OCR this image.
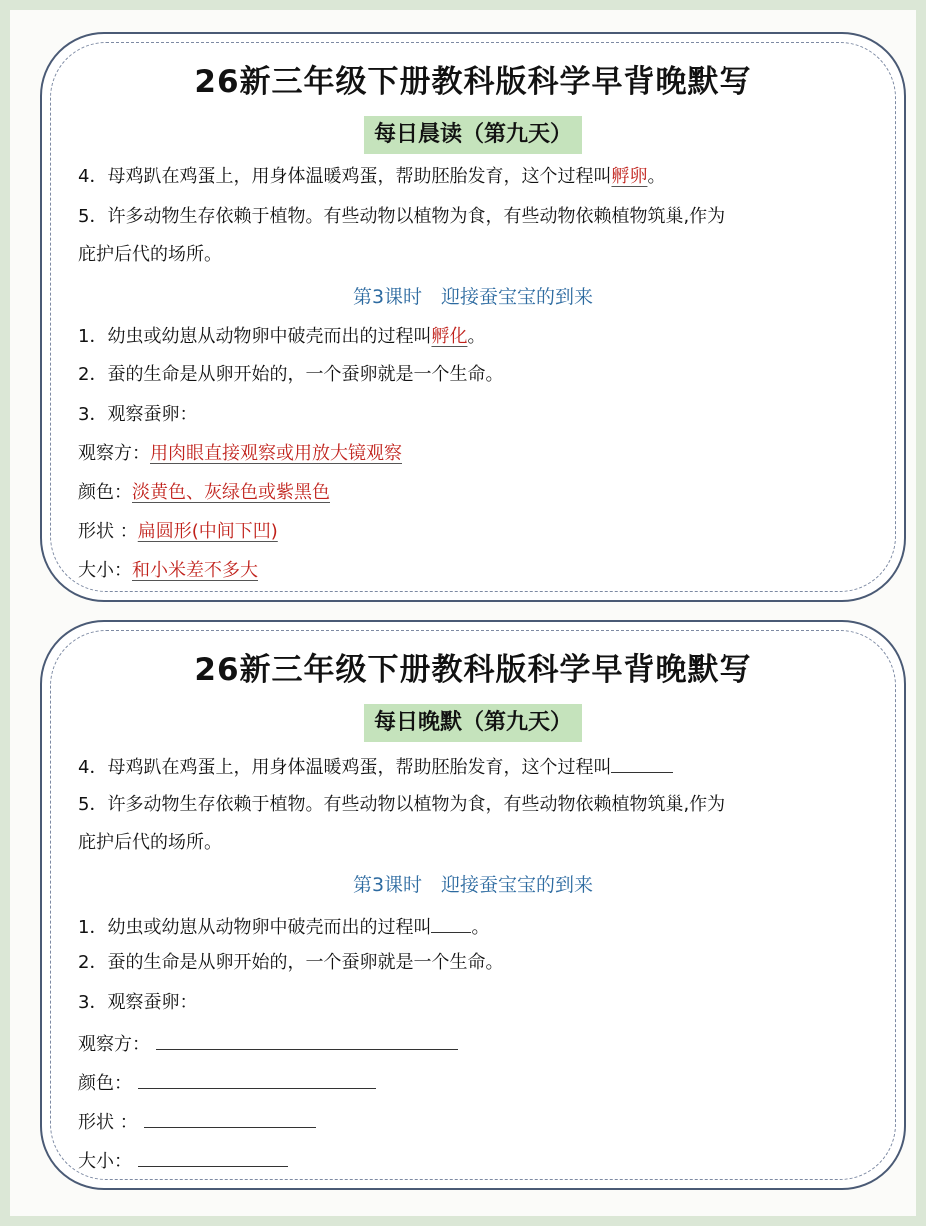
26新三年级下册教科版科学早背晚默写
每日晨读（第九天）
4．母鸡趴在鸡蛋上，用身体温暖鸡蛋，帮助胚胎发育，这个过程叫孵卵。
5．许多动物生存依赖于植物。有些动物以植物为食，有些动物依赖植物筑巢,作为
庇护后代的场所。
第3课时　迎接蚕宝宝的到来
1．幼虫或幼崽从动物卵中破壳而出的过程叫孵化。
2．蚕的生命是从卵开始的，一个蚕卵就是一个生命。
3．观察蚕卵：
观察方：用肉眼直接观察或用放大镜观察
颜色：淡黄色、灰绿色或紫黑色
形状 ：扁圆形(中间下凹)
大小：和小米差不多大
26新三年级下册教科版科学早背晚默写
每日晚默（第九天）
4．母鸡趴在鸡蛋上，用身体温暖鸡蛋，帮助胚胎发育，这个过程叫
5．许多动物生存依赖于植物。有些动物以植物为食，有些动物依赖植物筑巢,作为
庇护后代的场所。
第3课时　迎接蚕宝宝的到来
1．幼虫或幼崽从动物卵中破壳而出的过程叫 。
2．蚕的生命是从卵开始的，一个蚕卵就是一个生命。
3．观察蚕卵：
观察方：
颜色：
形状 ：
大小：
